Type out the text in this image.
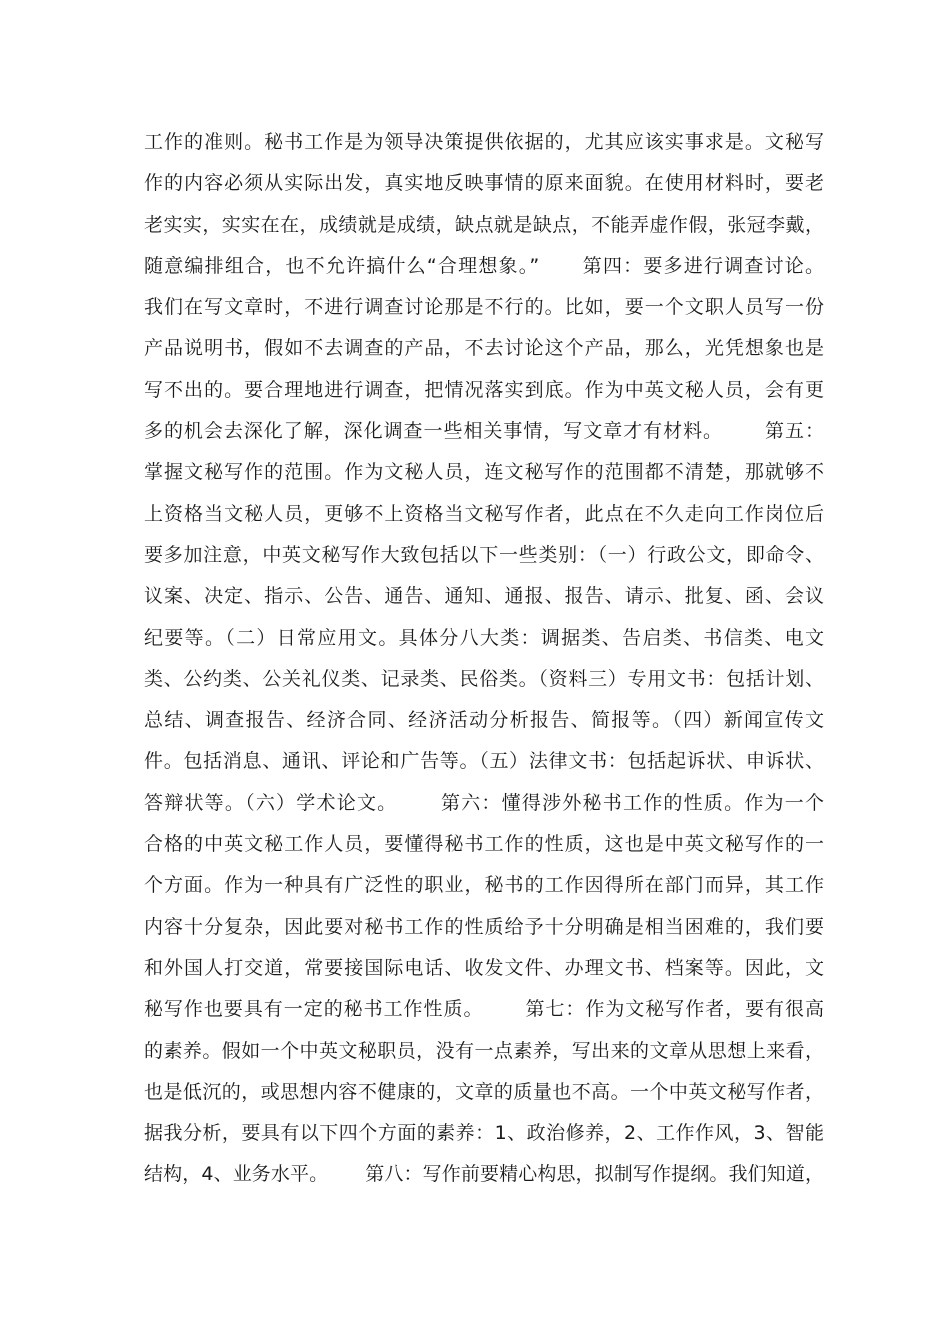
工作的准则。秘书工作是为领导决策提供依据的，尤其应该实事求是。文秘写
作的内容必须从实际出发，真实地反映事情的原来面貌。在使用材料时，要老
老实实，实实在在，成绩就是成绩，缺点就是缺点，不能弄虚作假，张冠李戴，
随意编排组合，也不允许搞什么“合理想象。”      第四：要多进行调查讨论。
我们在写文章时，不进行调查讨论那是不行的。比如，要一个文职人员写一份
产品说明书，假如不去调查的产品，不去讨论这个产品，那么，光凭想象也是
写不出的。要合理地进行调查，把情况落实到底。作为中英文秘人员，会有更
多的机会去深化了解，深化调查一些相关事情，写文章才有材料。      第五：
掌握文秘写作的范围。作为文秘人员，连文秘写作的范围都不清楚，那就够不
上资格当文秘人员，更够不上资格当文秘写作者，此点在不久走向工作岗位后
要多加注意，中英文秘写作大致包括以下一些类别：（一）行政公文，即命令、
议案、决定、指示、公告、通告、通知、通报、报告、请示、批复、函、会议
纪要等。（二）日常应用文。具体分八大类：调据类、告启类、书信类、电文
类、公约类、公关礼仪类、记录类、民俗类。（资料三）专用文书：包括计划、
总结、调查报告、经济合同、经济活动分析报告、简报等。（四）新闻宣传文
件。包括消息、通讯、评论和广告等。（五）法律文书：包括起诉状、申诉状、
答辩状等。（六）学术论文。      第六：懂得涉外秘书工作的性质。作为一个
合格的中英文秘工作人员，要懂得秘书工作的性质，这也是中英文秘写作的一
个方面。作为一种具有广泛性的职业，秘书的工作因得所在部门而异，其工作
内容十分复杂，因此要对秘书工作的性质给予十分明确是相当困难的，我们要
和外国人打交道，常要接国际电话、收发文件、办理文书、档案等。因此，文
秘写作也要具有一定的秘书工作性质。      第七：作为文秘写作者，要有很高
的素养。假如一个中英文秘职员，没有一点素养，写出来的文章从思想上来看，
也是低沉的，或思想内容不健康的，文章的质量也不高。一个中英文秘写作者，
据我分析，要具有以下四个方面的素养：1、政治修养，2、工作作风，3、智能
结构，4、业务水平。      第八：写作前要精心构思，拟制写作提纲。我们知道，
